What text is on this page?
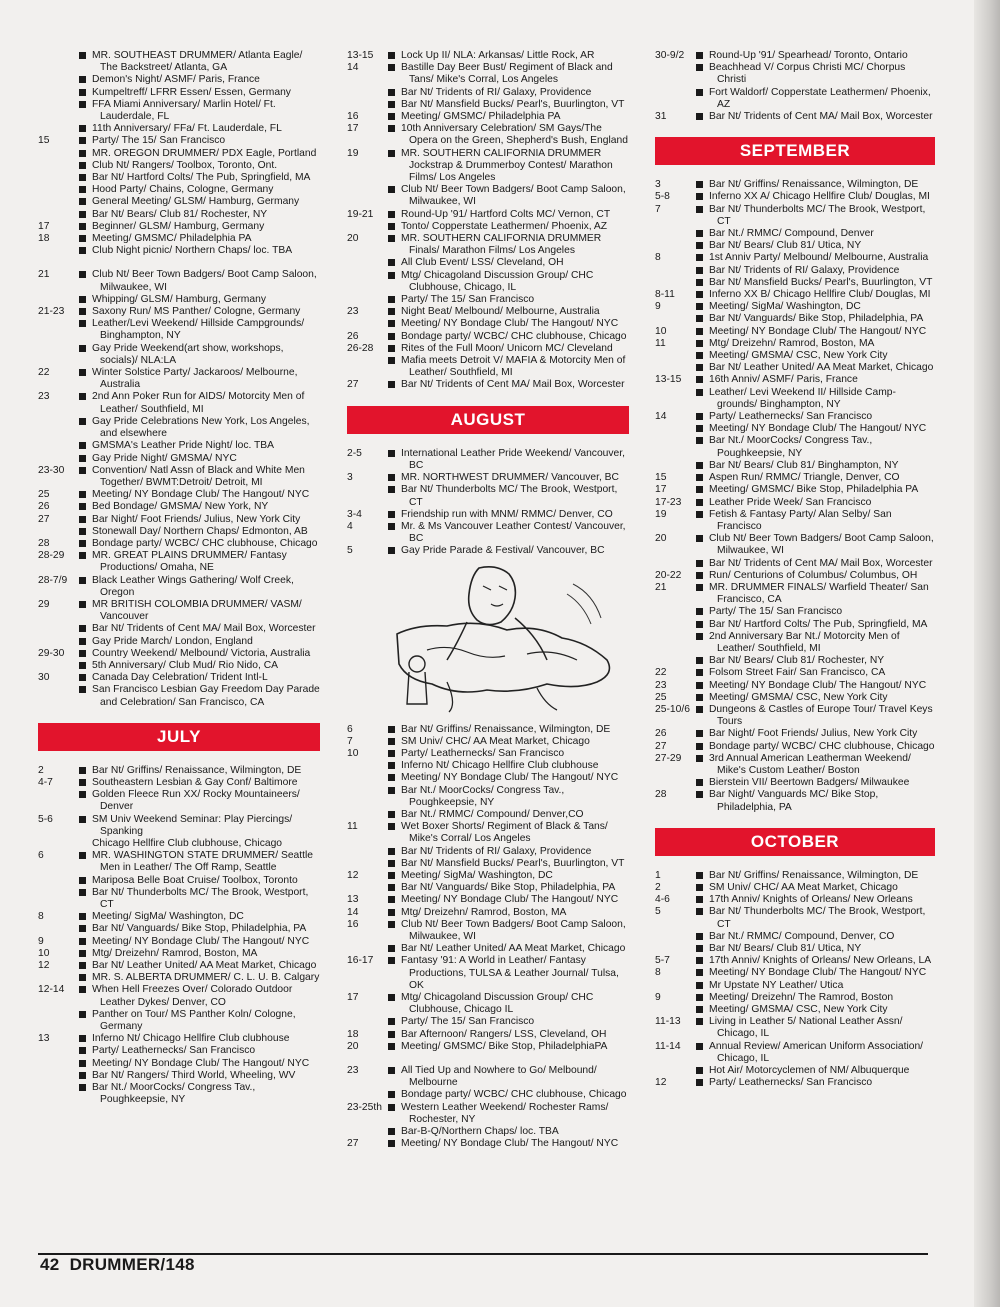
MR. SOUTHEAST DRUMMER/ Atlanta Eagle/ The Backstreet/ Atlanta, GA
Demon's Night/ ASMF/ Paris, France
Kumpeltreff/ LFRR Essen/ Essen, Germany
FFA Miami Anniversary/ Marlin Hotel/ Ft. Lauderdale, FL
11th Anniversary/ FFa/ Ft. Lauderdale, FL
15	Party/ The 15/ San Francisco
MR. OREGON DRUMMER/ PDX Eagle, Portland
Club Nt/ Rangers/ Toolbox, Toronto, Ont.
Bar Nt/ Hartford Colts/ The Pub, Springfield, MA
Hood Party/ Chains, Cologne, Germany
General Meeting/ GLSM/ Hamburg, Germany
Bar Nt/ Bears/ Club 81/ Rochester, NY
17	Beginner/ GLSM/ Hamburg, Germany
18	Meeting/ GMSMC/ Philadelphia PA
Club Night picnic/ Northern Chaps/ loc. TBA
21	Club Nt/ Beer Town Badgers/ Boot Camp Saloon, Milwaukee, WI
Whipping/ GLSM/ Hamburg, Germany
21-23	Saxony Run/ MS Panther/ Cologne, Germany
Leather/Levi Weekend/ Hillside Campgrounds/ Binghampton, NY
Gay Pride Weekend(art show, workshops, socials)/ NLA:LA
22	Winter Solstice Party/ Jackaroos/ Melbourne, Australia
23	2nd Ann Poker Run for AIDS/ Motorcity Men of Leather/ Southfield, MI
Gay Pride Celebrations New York, Los Angeles, and elsewhere
GMSMA's Leather Pride Night/ loc. TBA
Gay Pride Night/ GMSMA/ NYC
23-30	Convention/ Natl Assn of Black and White Men Together/ BWMT:Detroit/ Detroit, MI
25	Meeting/ NY Bondage Club/ The Hangout/ NYC
26	Bed Bondage/ GMSMA/ New York, NY
27	Bar Night/ Foot Friends/ Julius, New York City
Stonewall Day/ Northern Chaps/ Edmonton, AB
28	Bondage party/ WCBC/ CHC clubhouse, Chicago
28-29	MR. GREAT PLAINS DRUMMER/ Fantasy Productions/ Omaha, NE
28-7/9	Black Leather Wings Gathering/ Wolf Creek, Oregon
29	MR BRITISH COLOMBIA DRUMMER/ VASM/ Vancouver
Bar Nt/ Tridents of Cent MA/ Mail Box, Worcester
Gay Pride March/ London, England
29-30	Country Weekend/ Melbound/ Victoria, Australia
5th Anniversary/ Club Mud/ Rio Nido, CA
30	Canada Day Celebration/ Trident Intl-L
San Francisco Lesbian Gay Freedom Day Parade and Celebration/ San Francisco, CA
JULY
2	Bar Nt/ Griffins/ Renaissance, Wilmington, DE
4-7	Southeastern Lesbian & Gay Conf/ Baltimore
Golden Fleece Run XX/ Rocky Mountaineers/ Denver
5-6	SM Univ Weekend Seminar: Play Piercings/ Spanking
Chicago Hellfire Club clubhouse, Chicago
6	MR. WASHINGTON STATE DRUMMER/ Seattle Men in Leather/ The Off Ramp, Seattle
Mariposa Belle Boat Cruise/ Toolbox, Toronto
Bar Nt/ Thunderbolts MC/ The Brook, Westport, CT
8	Meeting/ SigMa/ Washington, DC
Bar Nt/ Vanguards/ Bike Stop, Philadelphia, PA
9	Meeting/ NY Bondage Club/ The Hangout/ NYC
10	Mtg/ Dreizehn/ Ramrod, Boston, MA
12	Bar Nt/ Leather United/ AA Meat Market, Chicago
MR. S. ALBERTA DRUMMER/ C. L. U. B. Calgary
12-14	When Hell Freezes Over/ Colorado Outdoor Leather Dykes/ Denver, CO
Panther on Tour/ MS Panther Koln/ Cologne, Germany
13	Inferno Nt/ Chicago Hellfire Club clubhouse
Party/ Leathernecks/ San Francisco
Meeting/ NY Bondage Club/ The Hangout/ NYC
Bar Nt/ Rangers/ Third World, Wheeling, WV
Bar Nt./ MoorCocks/ Congress Tav., Poughkeepsie, NY
13-15	Lock Up II/ NLA: Arkansas/ Little Rock, AR
14	Bastille Day Beer Bust/ Regiment of Black and Tans/ Mike's Corral, Los Angeles
Bar Nt/ Tridents of RI/ Galaxy, Providence
Bar Nt/ Mansfield Bucks/ Pearl's, Buurlington, VT
16	Meeting/ GMSMC/ Philadelphia PA
17	10th Anniversary Celebration/ SM Gays/The Opera on the Green, Shepherd's Bush, England
19	MR. SOUTHERN CALIFORNIA DRUMMER Jockstrap & Drummerboy Contest/ Marathon Films/ Los Angeles
Club Nt/ Beer Town Badgers/ Boot Camp Saloon, Milwaukee, WI
19-21	Round-Up '91/ Hartford Colts MC/ Vernon, CT
Tonto/ Copperstate Leathermen/ Phoenix, AZ
20	MR. SOUTHERN CALIFORNIA DRUMMER Finals/ Marathon Films/ Los Angeles
All Club Event/ LSS/ Cleveland, OH
Mtg/ Chicagoland Discussion Group/ CHC Clubhouse, Chicago, IL
Party/ The 15/ San Francisco
23	Night Beat/ Melbound/ Melbourne, Australia
Meeting/ NY Bondage Club/ The Hangout/ NYC
26	Bondage party/ WCBC/ CHC clubhouse, Chicago
26-28	Rites of the Full Moon/ Unicorn MC/ Cleveland
Mafia meets Detroit V/ MAFIA & Motorcity Men of Leather/ Southfield, MI
27	Bar Nt/ Tridents of Cent MA/ Mail Box, Worcester
AUGUST
2-5	International Leather Pride Weekend/ Vancouver, BC
3	MR. NORTHWEST DRUMMER/ Vancouver, BC
Bar Nt/ Thunderbolts MC/ The Brook, Westport, CT
3-4	Friendship run with MNM/ RMMC/ Denver, CO
4	Mr. & Ms Vancouver Leather Contest/ Vancouver, BC
5	Gay Pride Parade & Festival/ Vancouver, BC
6	Bar Nt/ Griffins/ Renaissance, Wilmington, DE
7	SM Univ/ CHC/ AA Meat Market, Chicago
10	Party/ Leathernecks/ San Francisco
Inferno Nt/ Chicago Hellfire Club clubhouse
Meeting/ NY Bondage Club/ The Hangout/ NYC
Bar Nt./ MoorCocks/ Congress Tav., Poughkeepsie, NY
Bar Nt./ RMMC/ Compound/ Denver,CO
11	Wet Boxer Shorts/ Regiment of Black & Tans/ Mike's Corral/ Los Angeles
Bar Nt/ Tridents of RI/ Galaxy, Providence
Bar Nt/ Mansfield Bucks/ Pearl's, Buurlington, VT
12	Meeting/ SigMa/ Washington, DC
Bar Nt/ Vanguards/ Bike Stop, Philadelphia, PA
13	Meeting/ NY Bondage Club/ The Hangout/ NYC
14	Mtg/ Dreizehn/ Ramrod, Boston, MA
16	Club Nt/ Beer Town Badgers/ Boot Camp Saloon, Milwaukee, WI
Bar Nt/ Leather United/ AA Meat Market, Chicago
16-17	Fantasy '91: A World in Leather/ Fantasy Productions, TULSA & Leather Journal/ Tulsa, OK
17	Mtg/ Chicagoland Discussion Group/ CHC Clubhouse, Chicago IL
Party/ The 15/ San Francisco
18	Bar Afternoon/ Rangers/ LSS, Cleveland, OH
20	Meeting/ GMSMC/ Bike Stop, PhiladelphiaPA
23	All Tied Up and Nowhere to Go/ Melbound/ Melbourne
Bondage party/ WCBC/ CHC clubhouse, Chicago
23-25th	Western Leather Weekend/ Rochester Rams/ Rochester, NY
Bar-B-Q/Northern Chaps/ loc. TBA
27	Meeting/ NY Bondage Club/ The Hangout/ NYC
30-9/2	Round-Up '91/ Spearhead/ Toronto, Ontario
Beachhead V/ Corpus Christi MC/ Chorpus Christi
Fort Waldorf/ Copperstate Leathermen/ Phoenix, AZ
31	Bar Nt/ Tridents of Cent MA/ Mail Box, Worcester
SEPTEMBER
3	Bar Nt/ Griffins/ Renaissance, Wilmington, DE
5-8	Inferno XX A/ Chicago Hellfire Club/ Douglas, MI
7	Bar Nt/ Thunderbolts MC/ The Brook, Westport, CT
Bar Nt./ RMMC/ Compound, Denver
Bar Nt/ Bears/ Club 81/ Utica, NY
8	1st Anniv Party/ Melbound/ Melbourne, Australia
Bar Nt/ Tridents of RI/ Galaxy, Providence
Bar Nt/ Mansfield Bucks/ Pearl's, Buurlington, VT
8-11	Inferno XX B/ Chicago Hellfire Club/ Douglas, MI
9	Meeting/ SigMa/ Washington, DC
Bar Nt/ Vanguards/ Bike Stop, Philadelphia, PA
10	Meeting/ NY Bondage Club/ The Hangout/ NYC
11	Mtg/ Dreizehn/ Ramrod, Boston, MA
Meeting/ GMSMA/ CSC, New York City
Bar Nt/ Leather United/ AA Meat Market, Chicago
13-15	16th Anniv/ ASMF/ Paris, France
Leather/ Levi Weekend II/ Hillside Camp-grounds/ Binghampton, NY
14	Party/ Leathernecks/ San Francisco
Meeting/ NY Bondage Club/ The Hangout/ NYC
Bar Nt./ MoorCocks/ Congress Tav., Poughkeepsie, NY
Bar Nt/ Bears/ Club 81/ Binghampton, NY
15	Aspen Run/ RMMC/ Triangle, Denver, CO
17	Meeting/ GMSMC/ Bike Stop, Philadelphia PA
17-23	Leather Pride Week/ San Francisco
19	Fetish & Fantasy Party/ Alan Selby/ San Francisco
20	Club Nt/ Beer Town Badgers/ Boot Camp Saloon, Milwaukee, WI
Bar Nt/ Tridents of Cent MA/ Mail Box, Worcester
20-22	Run/ Centurions of Columbus/ Columbus, OH
21	MR. DRUMMER FINALS/ Warfield Theater/ San Francisco, CA
Party/ The 15/ San Francisco
Bar Nt/ Hartford Colts/ The Pub, Springfield, MA
2nd Anniversary Bar Nt./ Motorcity Men of Leather/ Southfield, MI
Bar Nt/ Bears/ Club 81/ Rochester, NY
22	Folsom Street Fair/ San Francisco, CA
23	Meeting/ NY Bondage Club/ The Hangout/ NYC
25	Meeting/ GMSMA/ CSC, New York City
25-10/6	Dungeons & Castles of Europe Tour/ Travel Keys Tours
26	Bar Night/ Foot Friends/ Julius, New York City
27	Bondage party/ WCBC/ CHC clubhouse, Chicago
27-29	3rd Annual American Leatherman Weekend/ Mike's Custom Leather/ Boston
Bierstein VII/ Beertown Badgers/ Milwaukee
28	Bar Night/ Vanguards MC/ Bike Stop, Philadelphia, PA
OCTOBER
1	Bar Nt/ Griffins/ Renaissance, Wilmington, DE
2	SM Univ/ CHC/ AA Meat Market, Chicago
4-6	17th Anniv/ Knights of Orleans/ New Orleans
5	Bar Nt/ Thunderbolts MC/ The Brook, Westport, CT
Bar Nt./ RMMC/ Compound, Denver, CO
Bar Nt/ Bears/ Club 81/ Utica, NY
5-7	17th Anniv/ Knights of Orleans/ New Orleans, LA
8	Meeting/ NY Bondage Club/ The Hangout/ NYC
Mr Upstate NY Leather/ Utica
9	Meeting/ Dreizehn/ The Ramrod, Boston
Meeting/ GMSMA/ CSC, New York City
11-13	Living in Leather 5/ National Leather Assn/ Chicago, IL
11-14	Annual Review/ American Uniform Association/ Chicago, IL
Hot Air/ Motorcyclemen of NM/ Albuquerque
12	Party/ Leathernecks/ San Francisco
42 DRUMMER/148
